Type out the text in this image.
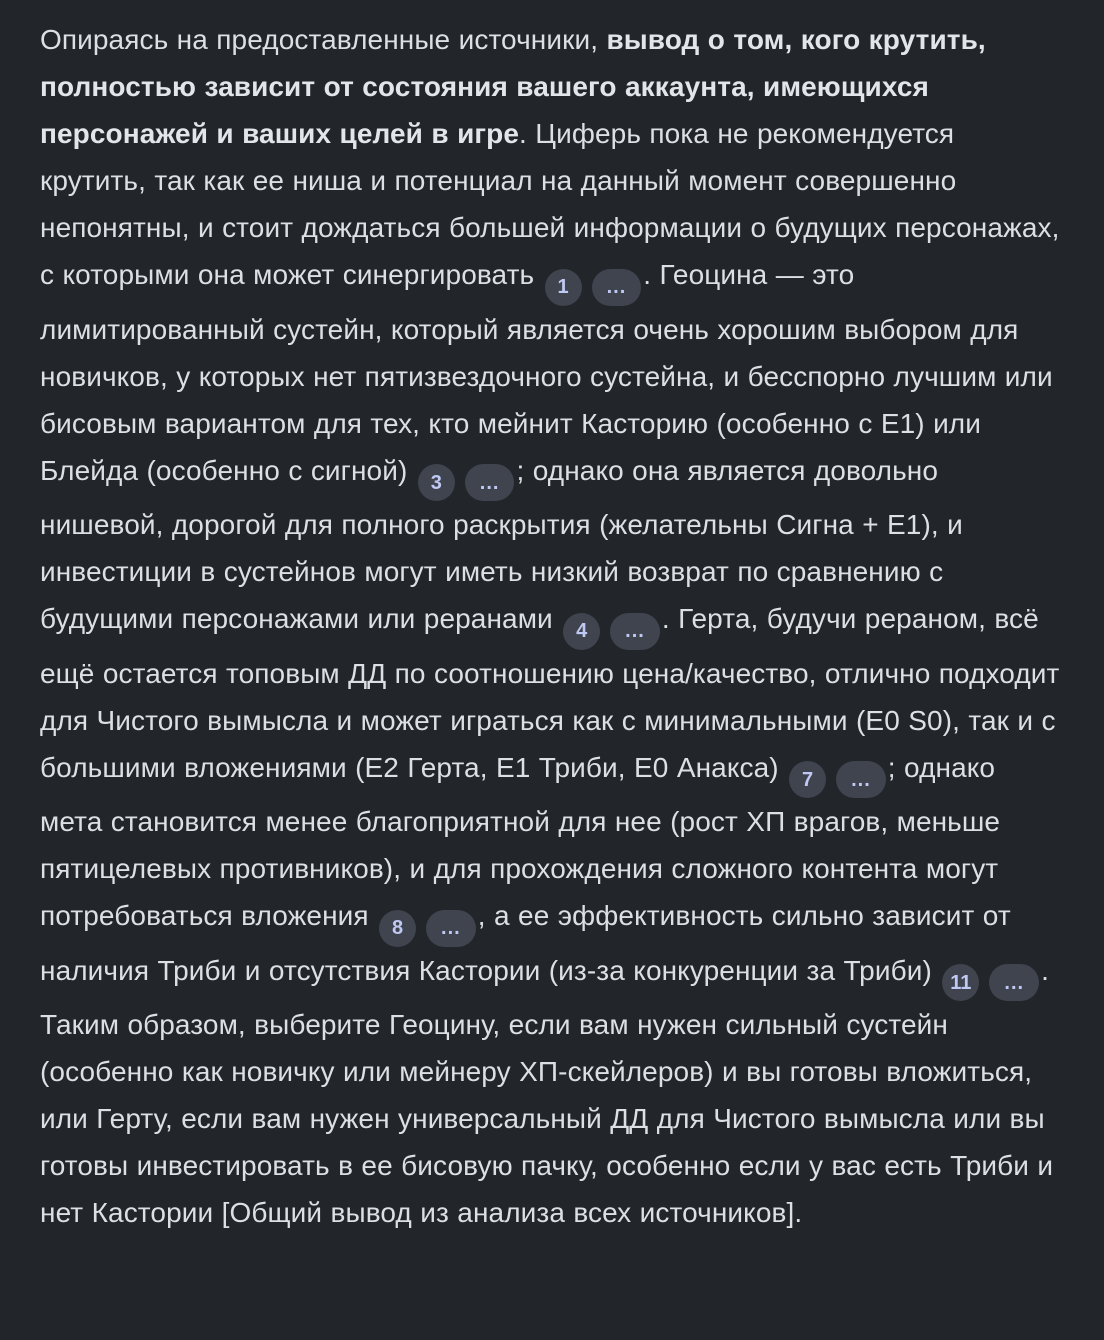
Опираясь на предоставленные источники, вывод о том, кого крутить, полностью зависит от состояния вашего аккаунта, имеющихся персонажей и ваших целей в игре. Циферь пока не рекомендуется крутить, так как ее ниша и потенциал на данный момент совершенно непонятны, и стоит дождаться большей информации о будущих персонажах, с которыми она может синергировать 1 ... . Геоцина — это лимитированный сустейн, который является очень хорошим выбором для новичков, у которых нет пятизвездочного сустейна, и бесспорно лучшим или бисовым вариантом для тех, кто мейнит Касторию (особенно с E1) или Блейда (особенно с сигной) 3 ... ; однако она является довольно нишевой, дорогой для полного раскрытия (желательны Сигна + E1), и инвестиции в сустейнов могут иметь низкий возврат по сравнению с будущими персонажами или реранами 4 ... . Герта, будучи рераном, всё ещё остается топовым ДД по соотношению цена/качество, отлично подходит для Чистого вымысла и может играться как с минимальными (E0 S0), так и с большими вложениями (E2 Герта, E1 Триби, E0 Анакса) 7 ... ; однако мета становится менее благоприятной для нее (рост ХП врагов, меньше пятицелевых противников), и для прохождения сложного контента могут потребоваться вложения 8 ... , а ее эффективность сильно зависит от наличия Триби и отсутствия Кастории (из-за конкуренции за Триби) 11 ... . Таким образом, выберите Геоцину, если вам нужен сильный сустейн (особенно как новичку или мейнеру ХП-скейлеров) и вы готовы вложиться, или Герту, если вам нужен универсальный ДД для Чистого вымысла или вы готовы инвестировать в ее бисовую пачку, особенно если у вас есть Триби и нет Кастории [Общий вывод из анализа всех источников].
